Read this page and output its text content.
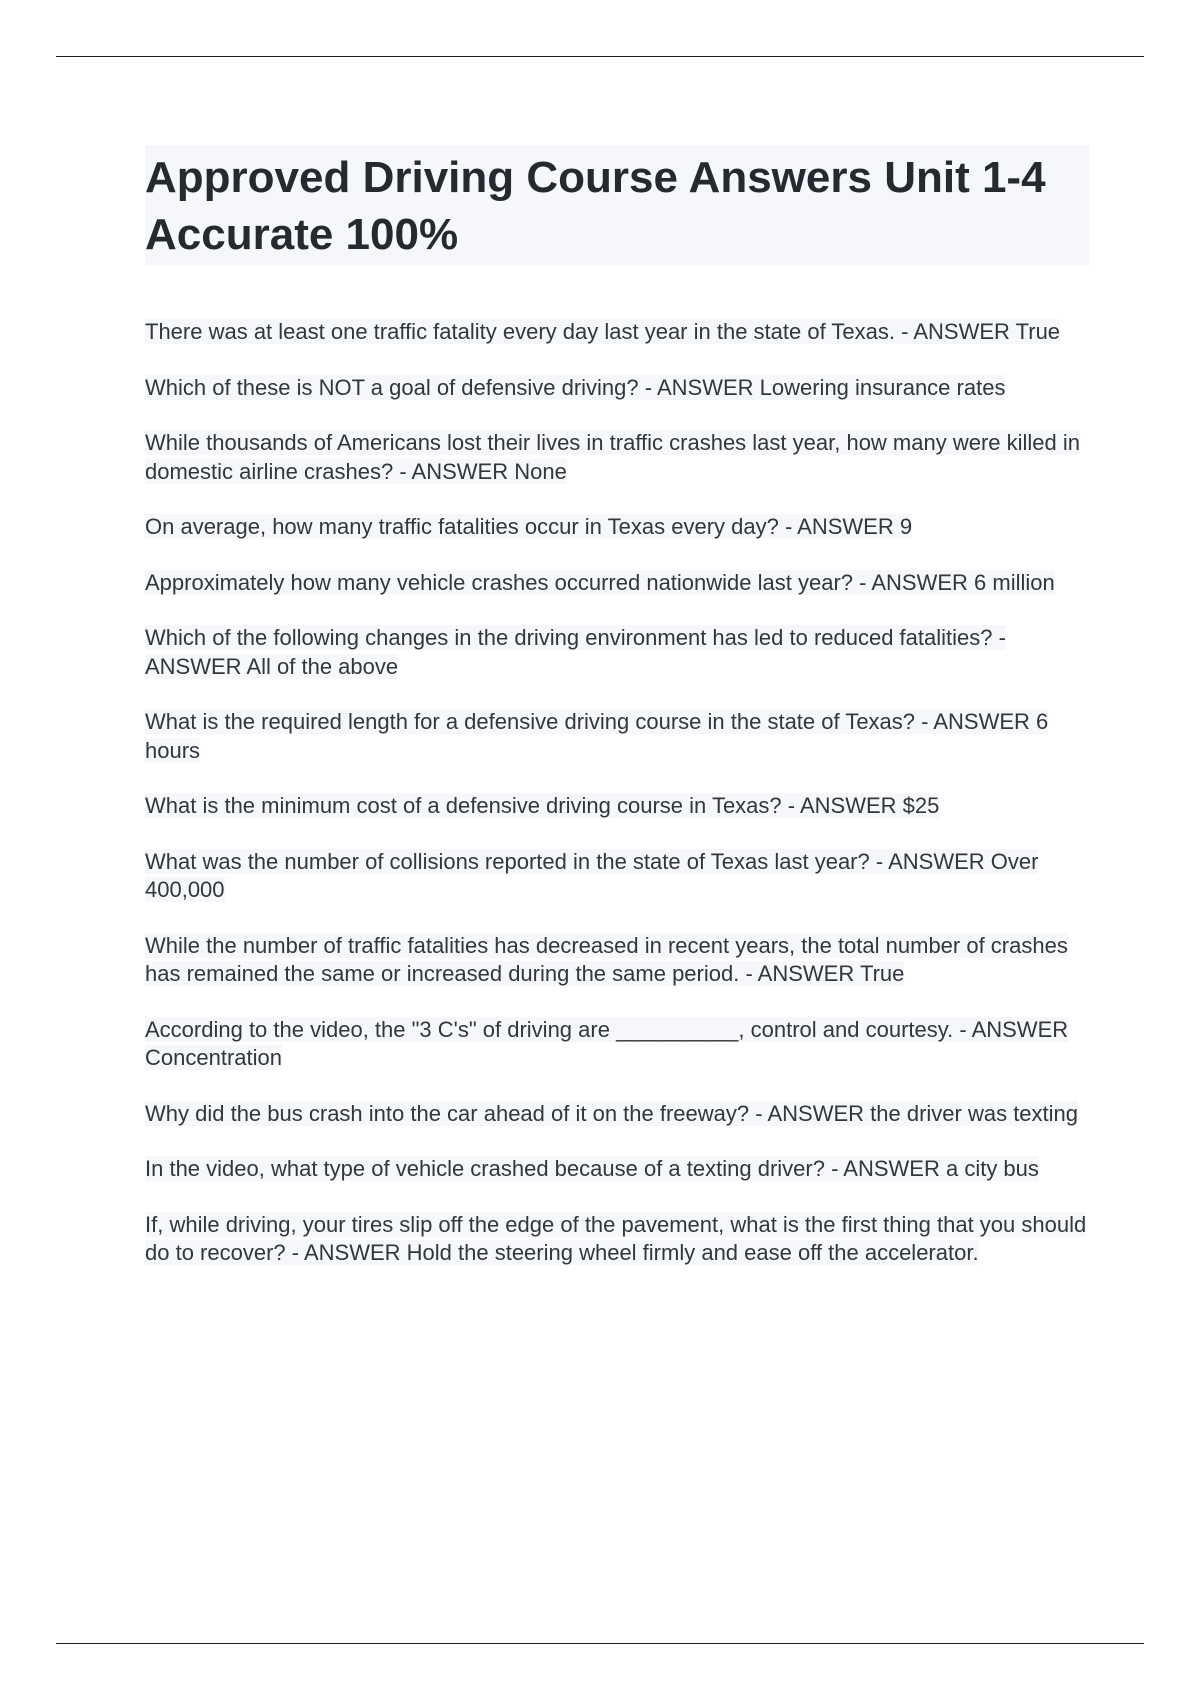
Approved Driving Course Answers Unit 1-4 Accurate 100%
There was at least one traffic fatality every day last year in the state of Texas. - ANSWER True
Which of these is NOT a goal of defensive driving? - ANSWER Lowering insurance rates
While thousands of Americans lost their lives in traffic crashes last year, how many were killed in domestic airline crashes? - ANSWER None
On average, how many traffic fatalities occur in Texas every day? - ANSWER 9
Approximately how many vehicle crashes occurred nationwide last year? - ANSWER 6 million
Which of the following changes in the driving environment has led to reduced fatalities? - ANSWER All of the above
What is the required length for a defensive driving course in the state of Texas? - ANSWER 6 hours
What is the minimum cost of a defensive driving course in Texas? - ANSWER $25
What was the number of collisions reported in the state of Texas last year? - ANSWER Over 400,000
While the number of traffic fatalities has decreased in recent years, the total number of crashes has remained the same or increased during the same period. - ANSWER True
According to the video, the "3 C's" of driving are __________, control and courtesy. - ANSWER Concentration
Why did the bus crash into the car ahead of it on the freeway? - ANSWER the driver was texting
In the video, what type of vehicle crashed because of a texting driver? - ANSWER a city bus
If, while driving, your tires slip off the edge of the pavement, what is the first thing that you should do to recover? - ANSWER Hold the steering wheel firmly and ease off the accelerator.
